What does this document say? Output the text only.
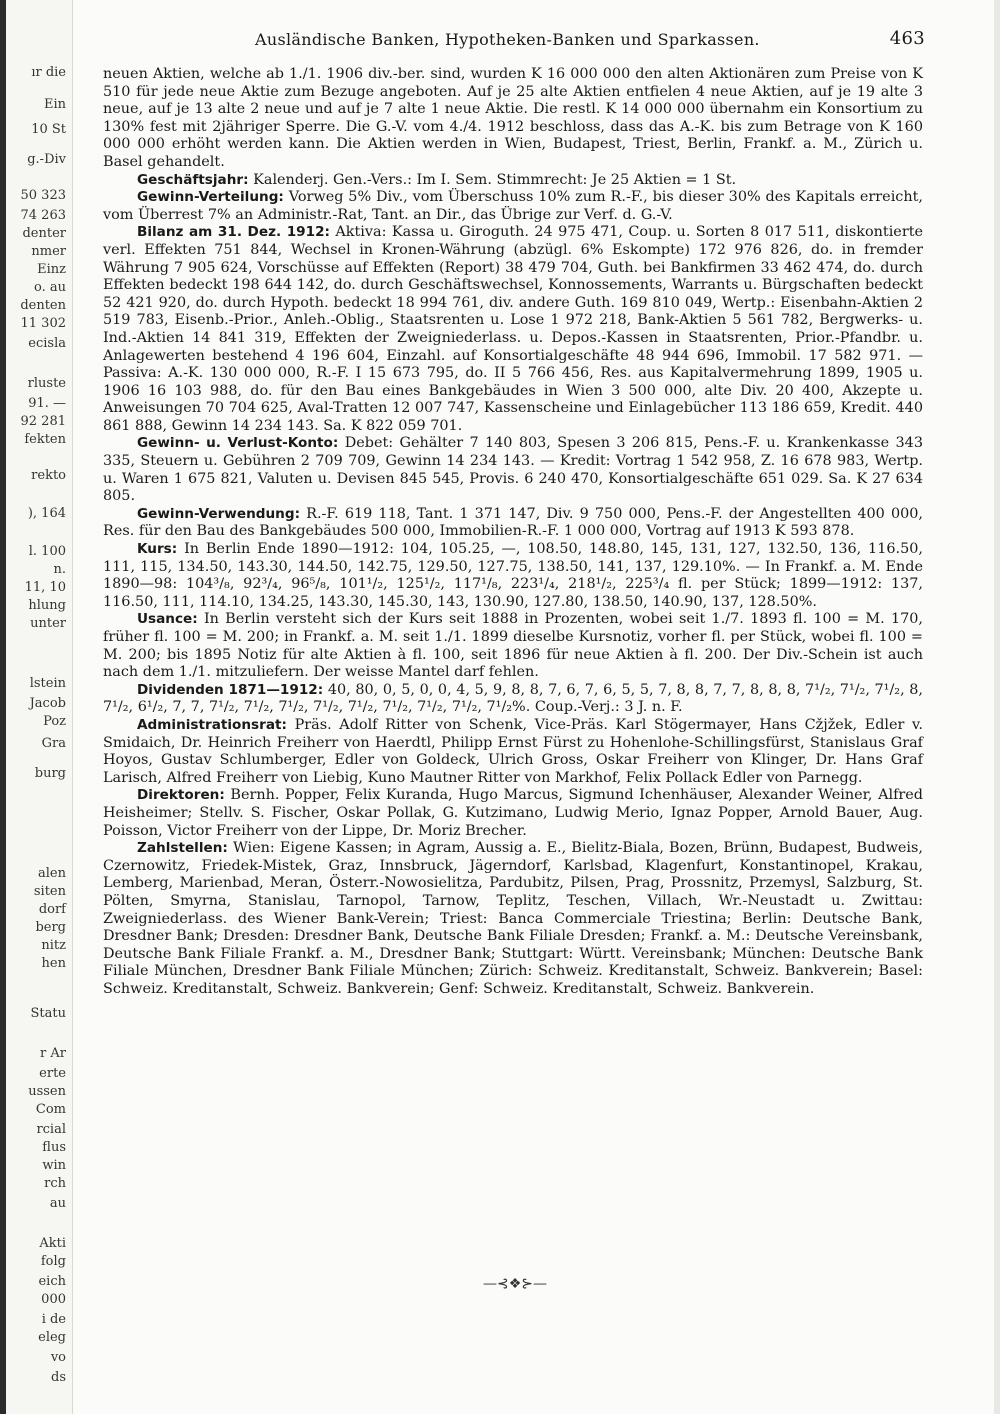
ır die
Ein
10 St
g.-Div
50 323
74 263
denter
nmer
Einz
o. au
denten
11 302
ecisla
rluste
91. —
92 281
fekten
rekto
), 164
l. 100
n.
11, 10
hlung
unter
lstein
Jacob
Poz
Gra
burg
alen
siten
dorf
berg
nitz
hen
Statu
r Ar
erte
ussen
Com
rcial
flus
win
rch
au
Akti
folg
eich
000
i de
eleg
vo
ds
Ausländische Banken, Hypotheken-Banken und Sparkassen.	463

neuen Aktien, welche ab 1./1. 1906 div.-ber. sind, wurden K 16 000 000 den alten Aktionären zum Preise von K 510 für jede neue Aktie zum Bezuge angeboten. Auf je 25 alte Aktien entfielen 4 neue Aktien, auf je 19 alte 3 neue, auf je 13 alte 2 neue und auf je 7 alte 1 neue Aktie. Die restl. K 14 000 000 übernahm ein Konsortium zu 130% fest mit 2jähriger Sperre. Die G.-V. vom 4./4. 1912 beschloss, dass das A.-K. bis zum Betrage von K 160 000 000 erhöht werden kann. Die Aktien werden in Wien, Budapest, Triest, Berlin, Frankf. a. M., Zürich u. Basel gehandelt.

Geschäftsjahr: Kalenderj. Gen.-Vers.: Im I. Sem. Stimmrecht: Je 25 Aktien = 1 St.

Gewinn-Verteilung: Vorweg 5% Div., vom Überschuss 10% zum R.-F., bis dieser 30% des Kapitals erreicht, vom Überrest 7% an Administr.-Rat, Tant. an Dir., das Übrige zur Verf. d. G.-V.

Bilanz am 31. Dez. 1912: Aktiva: Kassa u. Giroguth. 24 975 471, Coup. u. Sorten 8 017 511, diskontierte verl. Effekten 751 844, Wechsel in Kronen-Währung (abzügl. 6% Eskompte) 172 976 826, do. in fremder Währung 7 905 624, Vorschüsse auf Effekten (Report) 38 479 704, Guth. bei Bankfirmen 33 462 474, do. durch Effekten bedeckt 198 644 142, do. durch Geschäftswechsel, Konnossements, Warrants u. Bürgschaften bedeckt 52 421 920, do. durch Hypoth. bedeckt 18 994 761, div. andere Guth. 169 810 049, Wertp.: Eisenbahn-Aktien 2 519 783, Eisenb.-Prior., Anleh.-Oblig., Staatsrenten u. Lose 1 972 218, Bank-Aktien 5 561 782, Bergwerks- u. Ind.-Aktien 14 841 319, Effekten der Zweigniederlass. u. Depos.-Kassen in Staatsrenten, Prior.-Pfandbr. u. Anlagewerten bestehend 4 196 604, Einzahl. auf Konsortialgeschäfte 48 944 696, Immobil. 17 582 971. — Passiva: A.-K. 130 000 000, R.-F. I 15 673 795, do. II 5 766 456, Res. aus Kapitalvermehrung 1899, 1905 u. 1906 16 103 988, do. für den Bau eines Bankgebäudes in Wien 3 500 000, alte Div. 20 400, Akzepte u. Anweisungen 70 704 625, Aval-Tratten 12 007 747, Kassenscheine und Einlagebücher 113 186 659, Kredit. 440 861 888, Gewinn 14 234 143. Sa. K 822 059 701.

Gewinn- u. Verlust-Konto: Debet: Gehälter 7 140 803, Spesen 3 206 815, Pens.-F. u. Krankenkasse 343 335, Steuern u. Gebühren 2 709 709, Gewinn 14 234 143. — Kredit: Vortrag 1 542 958, Z. 16 678 983, Wertp. u. Waren 1 675 821, Valuten u. Devisen 845 545, Provis. 6 240 470, Konsortialgeschäfte 651 029. Sa. K 27 634 805.

Gewinn-Verwendung: R.-F. 619 118, Tant. 1 371 147, Div. 9 750 000, Pens.-F. der Angestellten 400 000, Res. für den Bau des Bankgebäudes 500 000, Immobilien-R.-F. 1 000 000, Vortrag auf 1913 K 593 878.

Kurs: In Berlin Ende 1890—1912: 104, 105.25, —, 108.50, 148.80, 145, 131, 127, 132.50, 136, 116.50, 111, 115, 134.50, 143.30, 144.50, 142.75, 129.50, 127.75, 138.50, 141, 137, 129.10%. — In Frankf. a. M. Ende 1890—98: 104³/₈, 92³/₄, 96⁵/₈, 101¹/₂, 125¹/₂, 117¹/₈, 223¹/₄, 218¹/₂, 225³/₄ fl. per Stück; 1899—1912: 137, 116.50, 111, 114.10, 134.25, 143.30, 145.30, 143, 130.90, 127.80, 138.50, 140.90, 137, 128.50%.

Usance: In Berlin versteht sich der Kurs seit 1888 in Prozenten, wobei seit 1./7. 1893 fl. 100 = M. 170, früher fl. 100 = M. 200; in Frankf. a. M. seit 1./1. 1899 dieselbe Kursnotiz, vorher fl. per Stück, wobei fl. 100 = M. 200; bis 1895 Notiz für alte Aktien à fl. 100, seit 1896 für neue Aktien à fl. 200. Der Div.-Schein ist auch nach dem 1./1. mitzuliefern. Der weisse Mantel darf fehlen.

Dividenden 1871—1912: 40, 80, 0, 5, 0, 0, 4, 5, 9, 8, 8, 7, 6, 7, 6, 5, 5, 7, 8, 8, 7, 7, 8, 8, 8, 7¹/₂, 7¹/₂, 7¹/₂, 8, 7¹/₂, 6¹/₂, 7, 7, 7¹/₂, 7¹/₂, 7¹/₂, 7¹/₂, 7¹/₂, 7¹/₂, 7¹/₂, 7¹/₂, 7¹/₂%. Coup.-Verj.: 3 J. n. F.

Administrationsrat: Präs. Adolf Ritter von Schenk, Vice-Präs. Karl Stögermayer, Hans Cžjžek, Edler v. Smidaich, Dr. Heinrich Freiherr von Haerdtl, Philipp Ernst Fürst zu Hohenlohe-Schillingsfürst, Stanislaus Graf Hoyos, Gustav Schlumberger, Edler von Goldeck, Ulrich Gross, Oskar Freiherr von Klinger, Dr. Hans Graf Larisch, Alfred Freiherr von Liebig, Kuno Mautner Ritter von Markhof, Felix Pollack Edler von Parnegg.

Direktoren: Bernh. Popper, Felix Kuranda, Hugo Marcus, Sigmund Ichenhäuser, Alexander Weiner, Alfred Heisheimer; Stellv. S. Fischer, Oskar Pollak, G. Kutzimano, Ludwig Merio, Ignaz Popper, Arnold Bauer, Aug. Poisson, Victor Freiherr von der Lippe, Dr. Moriz Brecher.

Zahlstellen: Wien: Eigene Kassen; in Agram, Aussig a. E., Bielitz-Biala, Bozen, Brünn, Budapest, Budweis, Czernowitz, Friedek-Mistek, Graz, Innsbruck, Jägerndorf, Karlsbad, Klagenfurt, Konstantinopel, Krakau, Lemberg, Marienbad, Meran, Österr.-Nowosielitza, Pardubitz, Pilsen, Prag, Prossnitz, Przemysl, Salzburg, St. Pölten, Smyrna, Stanislau, Tarnopol, Tarnow, Teplitz, Teschen, Villach, Wr.-Neustadt u. Zwittau: Zweigniederlass. des Wiener Bank-Verein; Triest: Banca Commerciale Triestina; Berlin: Deutsche Bank, Dresdner Bank; Dresden: Dresdner Bank, Deutsche Bank Filiale Dresden; Frankf. a. M.: Deutsche Vereinsbank, Deutsche Bank Filiale Frankf. a. M., Dresdner Bank; Stuttgart: Württ. Vereinsbank; München: Deutsche Bank Filiale München, Dresdner Bank Filiale München; Zürich: Schweiz. Kreditanstalt, Schweiz. Bankverein; Basel: Schweiz. Kreditanstalt, Schweiz. Bankverein; Genf: Schweiz. Kreditanstalt, Schweiz. Bankverein.

—⊰❖⊱—
